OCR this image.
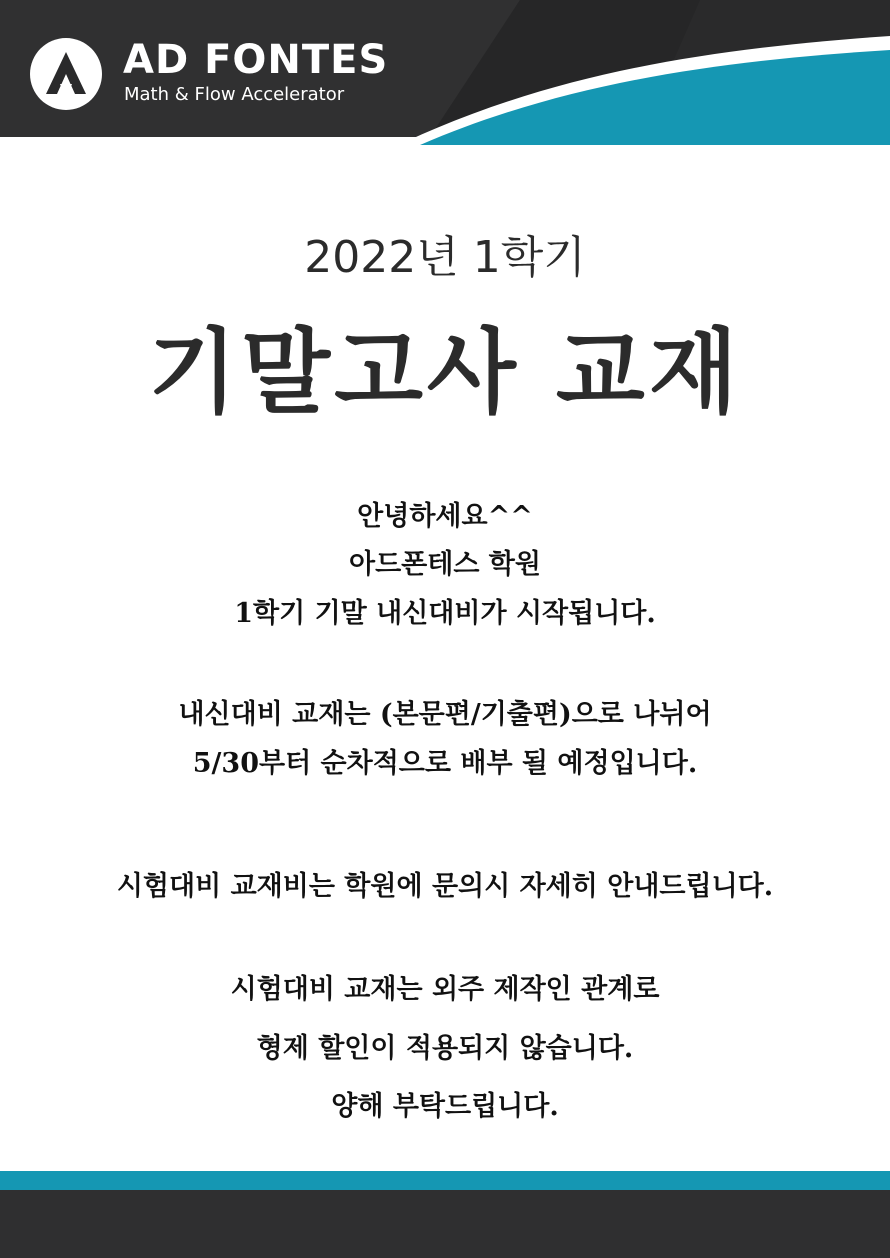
AD FONTES
Math & Flow Accelerator
2022년 1학기
기말고사 교재
안녕하세요^^
아드폰테스 학원
1학기 기말 내신대비가 시작됩니다.
내신대비 교재는 (본문편/기출편)으로 나뉘어
5/30부터 순차적으로 배부 될 예정입니다.
시험대비 교재비는 학원에 문의시 자세히 안내드립니다.
시험대비 교재는 외주 제작인 관계로
형제 할인이 적용되지 않습니다.
양해 부탁드립니다.
